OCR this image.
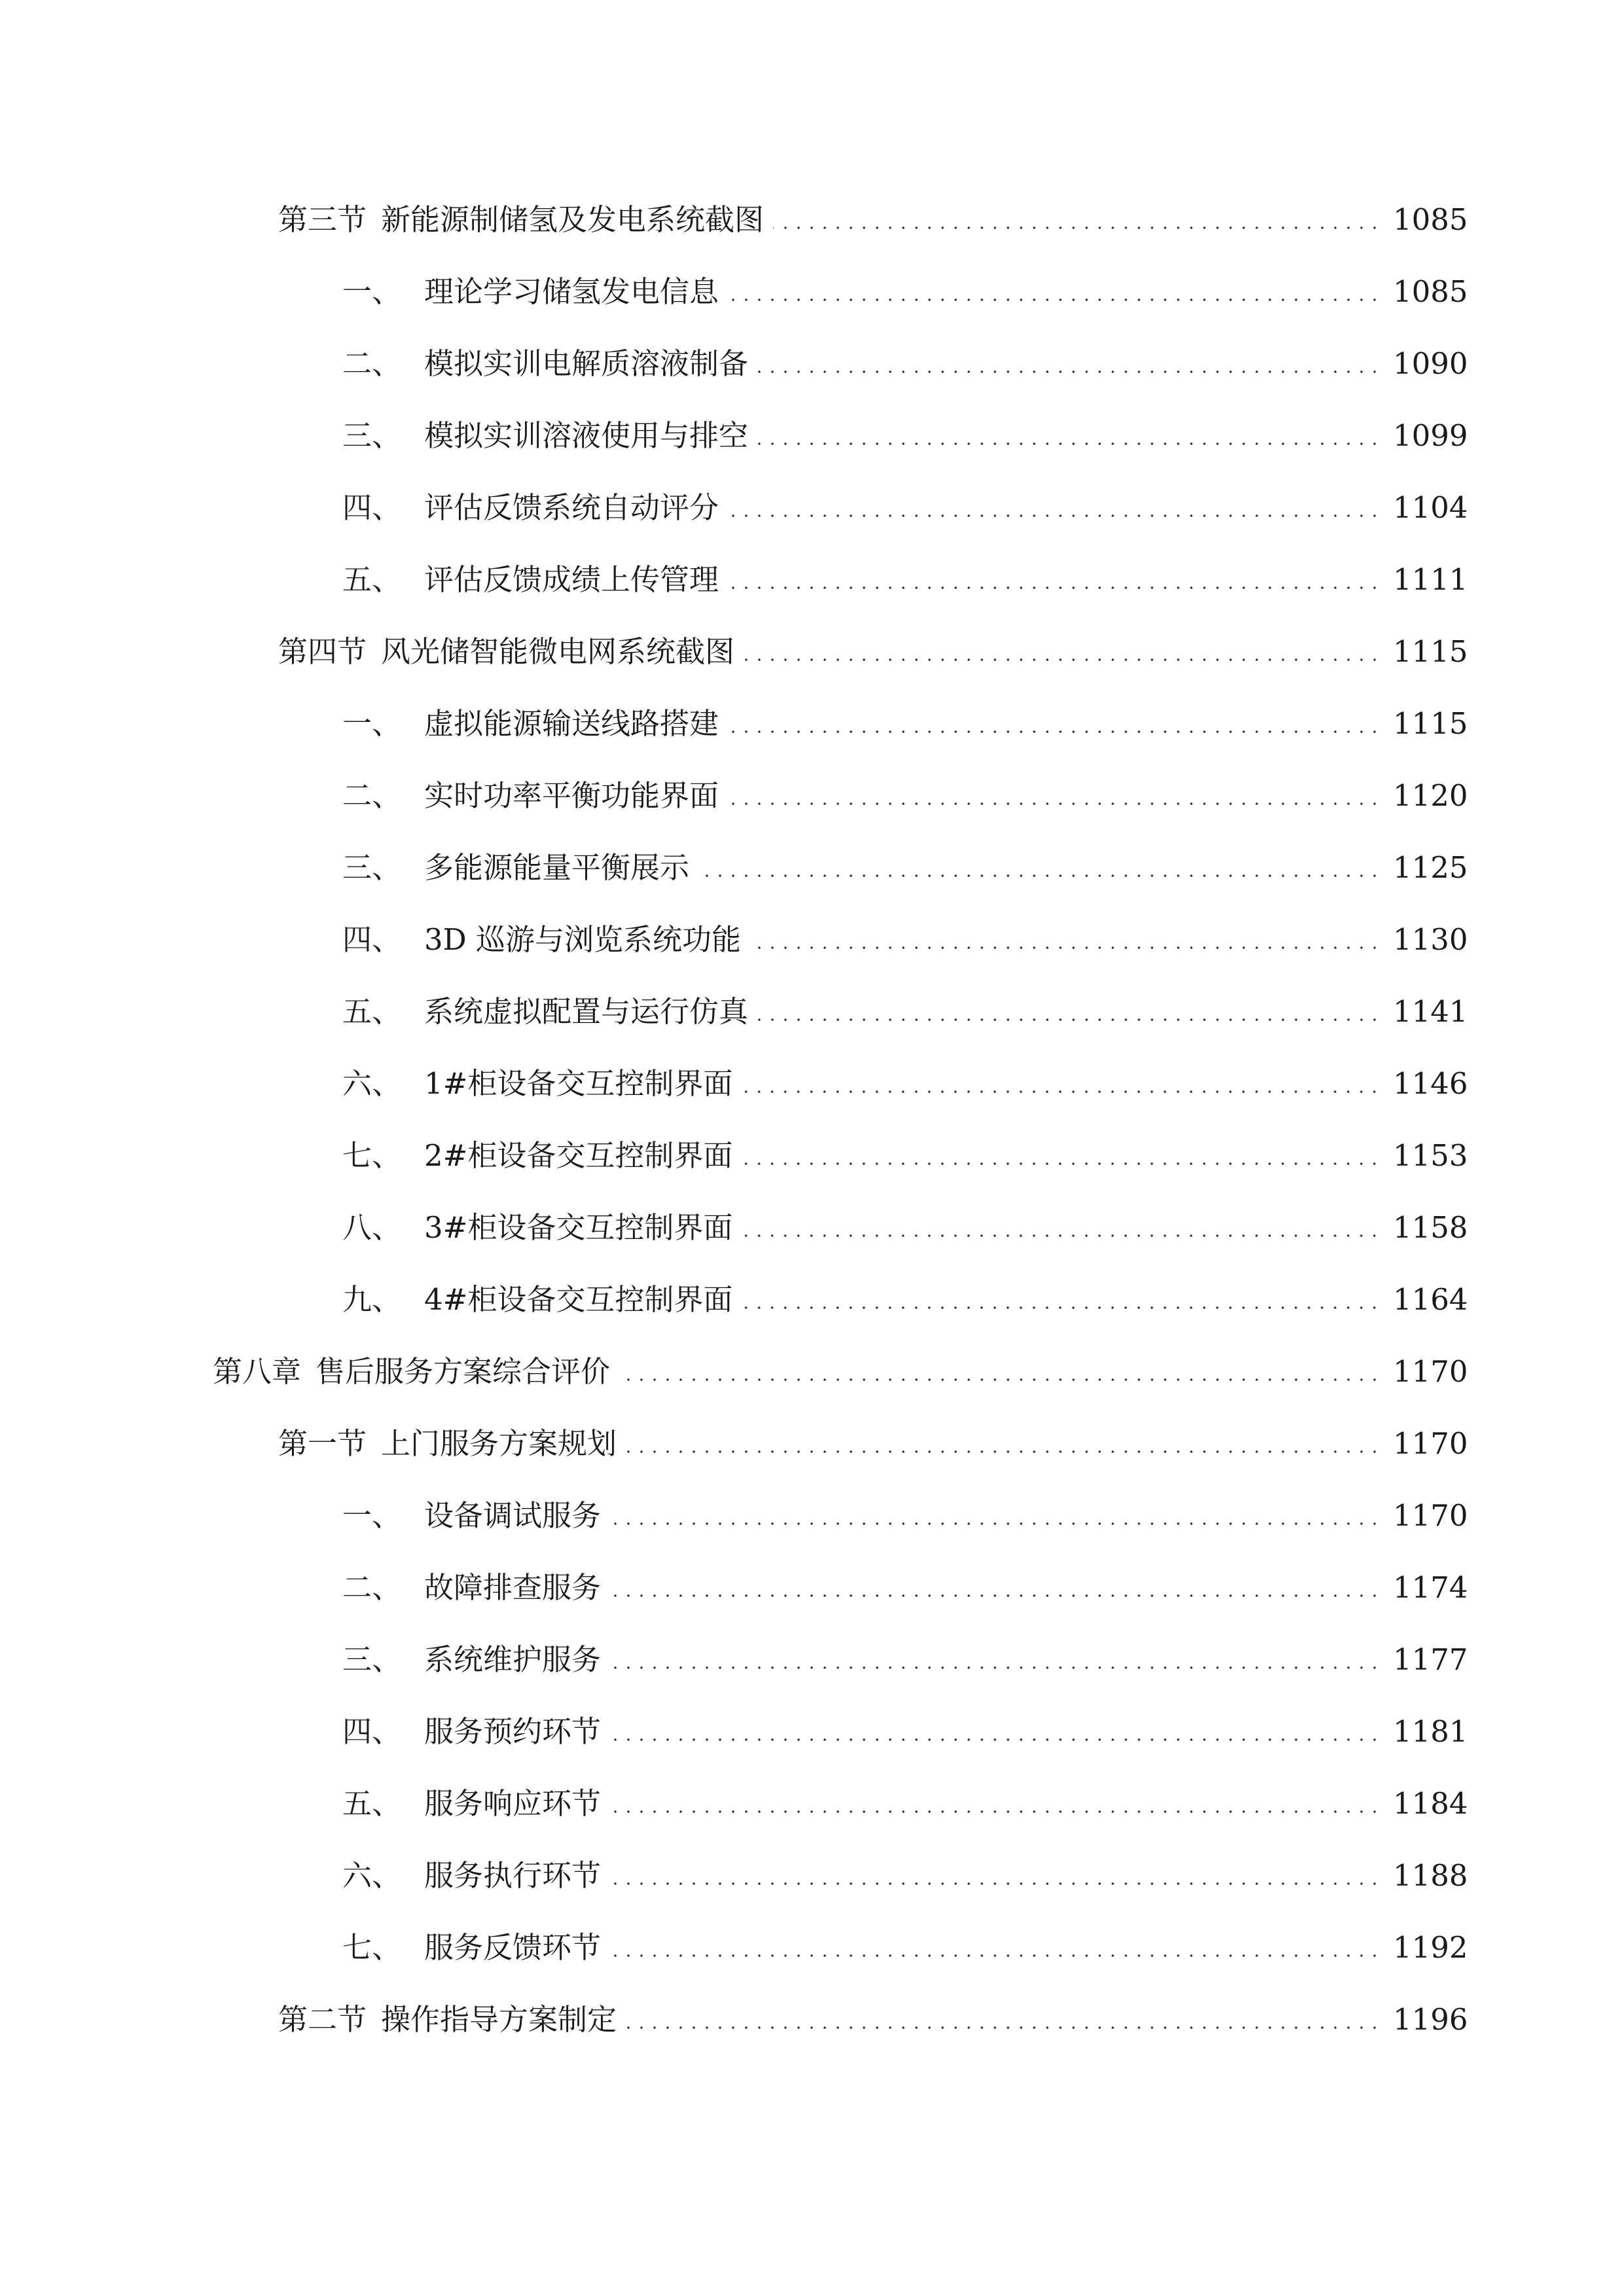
第三节 新能源制储氢及发电系统截图	1085
一、 理论学习储氢发电信息	1085
二、 模拟实训电解质溶液制备	1090
三、 模拟实训溶液使用与排空	1099
四、 评估反馈系统自动评分	1104
五、 评估反馈成绩上传管理	1111
第四节 风光储智能微电网系统截图	1115
一、 虚拟能源输送线路搭建	1115
二、 实时功率平衡功能界面	1120
三、 多能源能量平衡展示	1125
四、 3D 巡游与浏览系统功能	1130
五、 系统虚拟配置与运行仿真	1141
六、 1#柜设备交互控制界面	1146
七、 2#柜设备交互控制界面	1153
八、 3#柜设备交互控制界面	1158
九、 4#柜设备交互控制界面	1164
第八章 售后服务方案综合评价	1170
第一节 上门服务方案规划	1170
一、 设备调试服务	1170
二、 故障排查服务	1174
三、 系统维护服务	1177
四、 服务预约环节	1181
五、 服务响应环节	1184
六、 服务执行环节	1188
七、 服务反馈环节	1192
第二节 操作指导方案制定	1196
